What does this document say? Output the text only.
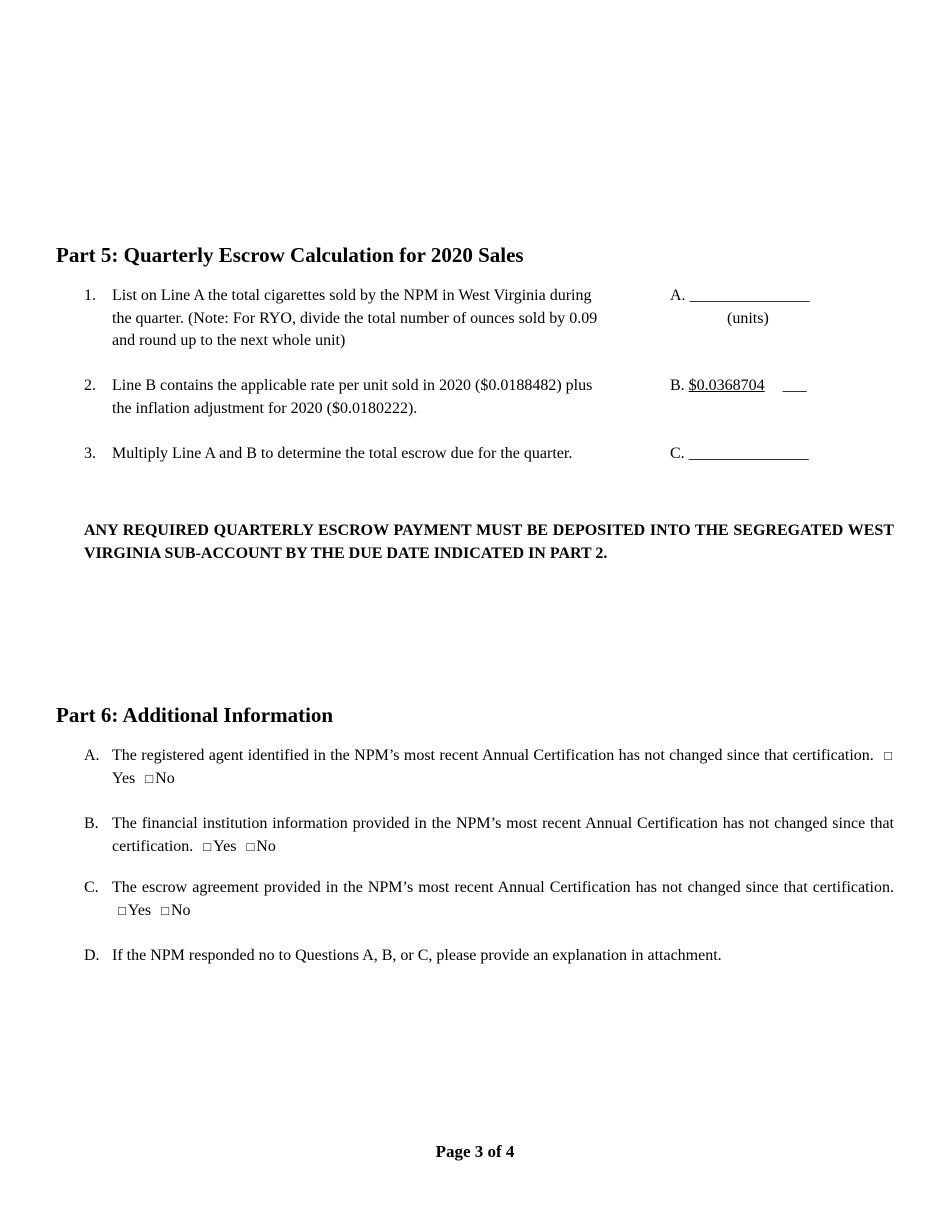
Part 5: Quarterly Escrow Calculation for 2020 Sales
1. List on Line A the total cigarettes sold by the NPM in West Virginia during the quarter. (Note: For RYO, divide the total number of ounces sold by 0.09 and round up to the next whole unit)
A. _______________
(units)
2. Line B contains the applicable rate per unit sold in 2020 ($0.0188482) plus the inflation adjustment for 2020 ($0.0180222).
B. $0.0368704 ___
3. Multiply Line A and B to determine the total escrow due for the quarter.	C. _______________
ANY REQUIRED QUARTERLY ESCROW PAYMENT MUST BE DEPOSITED INTO THE SEGREGATED WEST VIRGINIA SUB-ACCOUNT BY THE DUE DATE INDICATED IN PART 2.
Part 6: Additional Information
A. The registered agent identified in the NPM’s most recent Annual Certification has not changed since that certification. □Yes □ No
B. The financial institution information provided in the NPM’s most recent Annual Certification has not changed since that certification. □ Yes □ No
C. The escrow agreement provided in the NPM’s most recent Annual Certification has not changed since that certification. □ Yes □ No
D. If the NPM responded no to Questions A, B, or C, please provide an explanation in attachment.
Page 3 of 4
